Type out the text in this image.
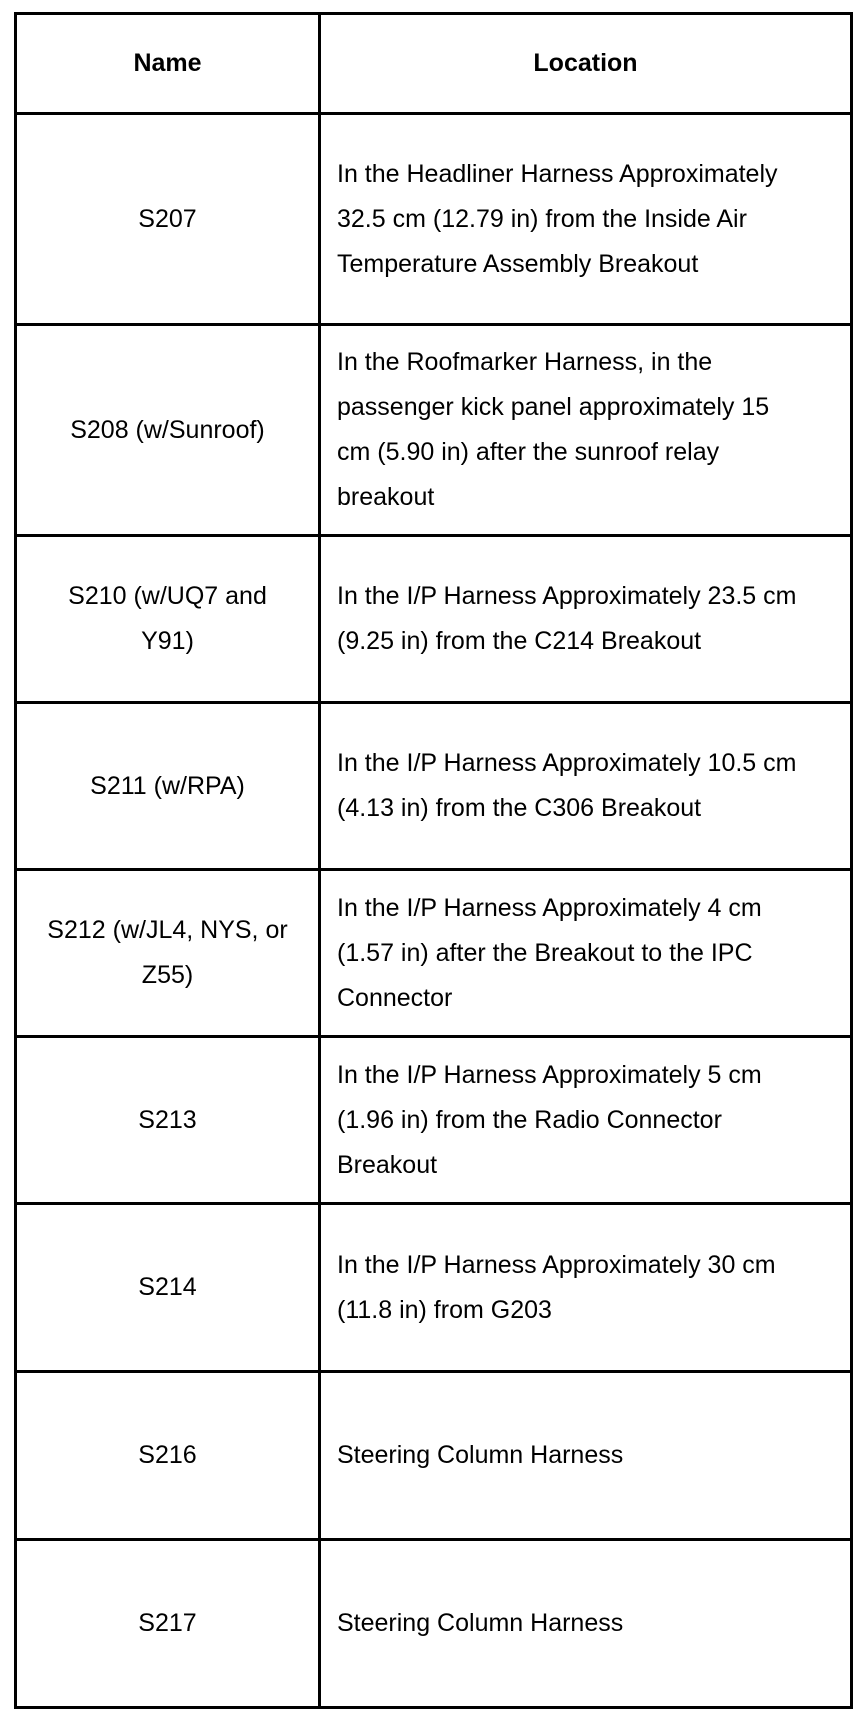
Name	Location
S207	In the Headliner Harness Approximately 32.5 cm (12.79 in) from the Inside Air Temperature Assembly Breakout
S208 (w/Sunroof)	In the Roofmarker Harness, in the passenger kick panel approximately 15 cm (5.90 in) after the sunroof relay breakout
S210 (w/UQ7 and Y91)	In the I/P Harness Approximately 23.5 cm (9.25 in) from the C214 Breakout
S211 (w/RPA)	In the I/P Harness Approximately 10.5 cm (4.13 in) from the C306 Breakout
S212 (w/JL4, NYS, or Z55)	In the I/P Harness Approximately 4 cm (1.57 in) after the Breakout to the IPC Connector
S213	In the I/P Harness Approximately 5 cm (1.96 in) from the Radio Connector Breakout
S214	In the I/P Harness Approximately 30 cm (11.8 in) from G203
S216	Steering Column Harness
S217	Steering Column Harness
